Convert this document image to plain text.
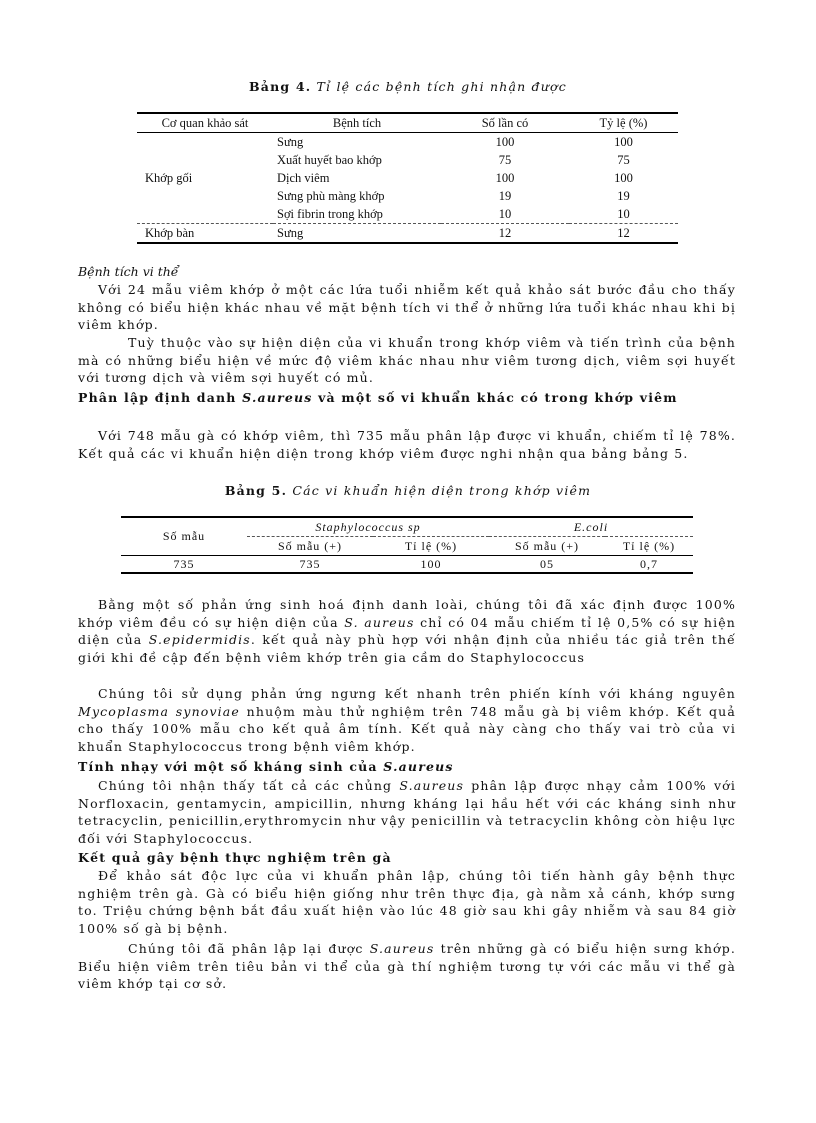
Bảng 4. Tỉ lệ các bệnh tích ghi nhận được
Cơ quan khảo sát	Bệnh tích	Số lần có	Tỷ lệ (%)
Khớp gối	Sưng	100	100
	Xuất huyết bao khớp	75	75
	Dịch viêm	100	100
	Sưng phù màng khớp	19	19
	Sợi fibrin trong khớp	10	10
Khớp bàn	Sưng	12	12
Bệnh tích vi thể

Với 24 mẫu viêm khớp ở một các lứa tuổi nhiễm kết quả khảo sát bước đầu cho thấy không có biểu hiện khác nhau về mặt bệnh tích vi thể ở những lứa tuổi khác nhau khi bị viêm khớp.

Tuỳ thuộc vào sự hiện diện của vi khuẩn trong khớp viêm và tiến trình của bệnh mà có những biểu hiện về mức độ viêm khác nhau như viêm tương dịch, viêm sợi huyết với tương dịch và viêm sợi huyết có mủ.

Phân lập định danh S.aureus và một số vi khuẩn khác có trong khớp viêm

Với 748 mẫu gà có khớp viêm, thì 735 mẫu phân lập được vi khuẩn, chiếm tỉ lệ 78%. Kết quả các vi khuẩn hiện diện trong khớp viêm được nghi nhận qua bảng bảng 5.

Bảng 5. Các vi khuẩn hiện diện trong khớp viêm
Số mẫu	Staphylococcus sp		E.coli	
	Số mẫu (+)	Tỉ lệ (%)	Số mẫu (+)	Tỉ lệ (%)
735	735	100	05	0,7

Bằng một số phản ứng sinh hoá định danh loài, chúng tôi đã xác định được 100% khớp viêm đều có sự hiện diện của S. aureus chỉ có 04 mẫu chiếm tỉ lệ 0,5% có sự hiện diện của S.epidermidis. kết quả này phù hợp với nhận định của nhiều tác giả trên thế giới khi đề cập đến bệnh viêm khớp trên gia cầm do Staphylococcus

Chúng tôi sử dụng phản ứng ngưng kết nhanh trên phiến kính với kháng nguyên Mycoplasma synoviae nhuộm màu thử nghiệm trên 748 mẫu gà bị viêm khớp. Kết quả cho thấy 100% mẫu cho kết quả âm tính. Kết quả này càng cho thấy vai trò của vi khuẩn Staphylococcus trong bệnh viêm khớp.

Tính nhạy với một số kháng sinh của S.aureus

Chúng tôi nhận thấy tất cả các chủng S.aureus phân lập được nhạy cảm 100% với Norfloxacin, gentamycin, ampicillin, nhưng kháng lại hầu hết với các kháng sinh như tetracyclin, penicillin,erythromycin như vậy penicillin và tetracyclin không còn hiệu lực đối với Staphylococcus.

Kết quả gây bệnh thực nghiệm trên gà

Để khảo sát độc lực của vi khuẩn phân lập, chúng tôi tiến hành gây bệnh thực nghiệm trên gà. Gà có biểu hiện giống như trên thực địa, gà nằm xả cánh, khớp sưng to. Triệu chứng bệnh bắt đầu xuất hiện vào lúc 48 giờ sau khi gây nhiễm và sau 84 giờ 100% số gà bị bệnh.

Chúng tôi đã phân lập lại được S.aureus trên những gà có biểu hiện sưng khớp. Biểu hiện viêm trên tiêu bản vi thể của gà thí nghiệm tương tự với các mẫu vi thể gà viêm khớp tại cơ sở.
